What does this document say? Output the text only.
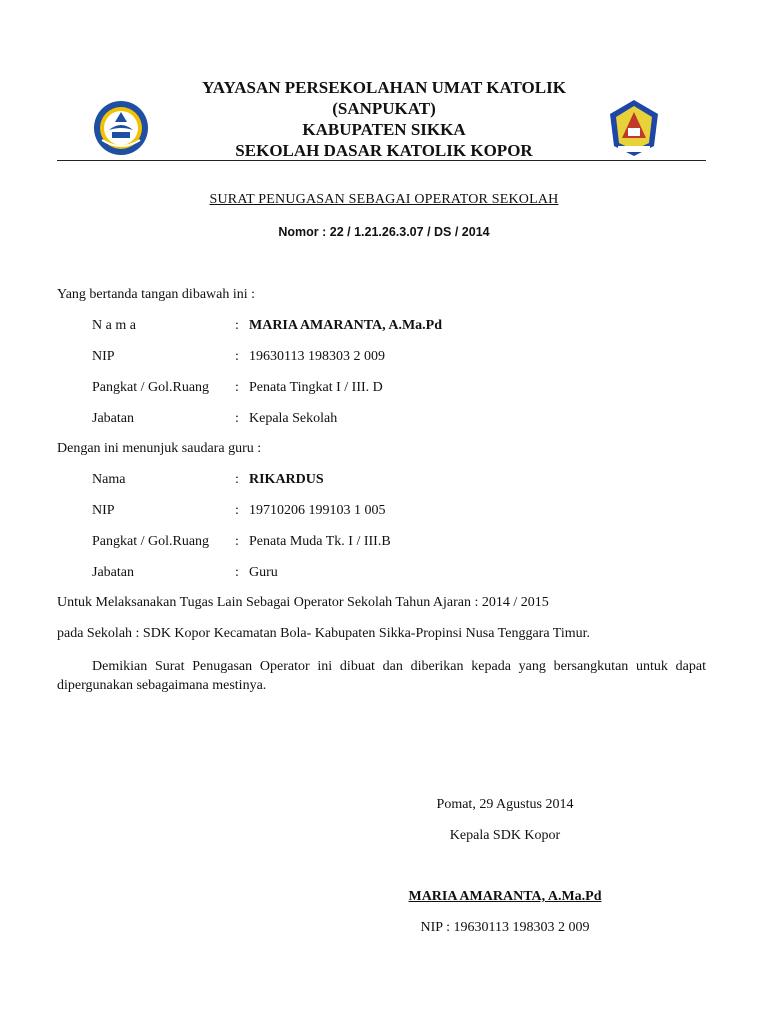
YAYASAN PERSEKOLAHAN UMAT KATOLIK
(SANPUKAT)
KABUPATEN SIKKA
SEKOLAH DASAR KATOLIK KOPOR
SURAT PENUGASAN SEBAGAI OPERATOR SEKOLAH
Nomor : 22 / 1.21.26.3.07 / DS / 2014
Yang bertanda tangan dibawah ini :
N a m a	: MARIA AMARANTA, A.Ma.Pd
NIP	: 19630113 198303 2 009
Pangkat / Gol.Ruang : Penata Tingkat I / III. D
Jabatan	: Kepala Sekolah
Dengan ini menunjuk saudara guru :
Nama	: RIKARDUS
NIP	: 19710206 199103 1 005
Pangkat / Gol.Ruang : Penata Muda Tk. I / III.B
Jabatan	: Guru
Untuk Melaksanakan Tugas Lain Sebagai Operator Sekolah Tahun Ajaran : 2014 / 2015
pada Sekolah : SDK Kopor Kecamatan Bola- Kabupaten Sikka-Propinsi Nusa Tenggara Timur.
Demikian Surat Penugasan Operator ini dibuat dan diberikan kepada yang bersangkutan untuk dapat dipergunakan sebagaimana mestinya.
Pomat, 29 Agustus 2014
Kepala SDK Kopor
MARIA AMARANTA, A.Ma.Pd
NIP : 19630113 198303 2 009
